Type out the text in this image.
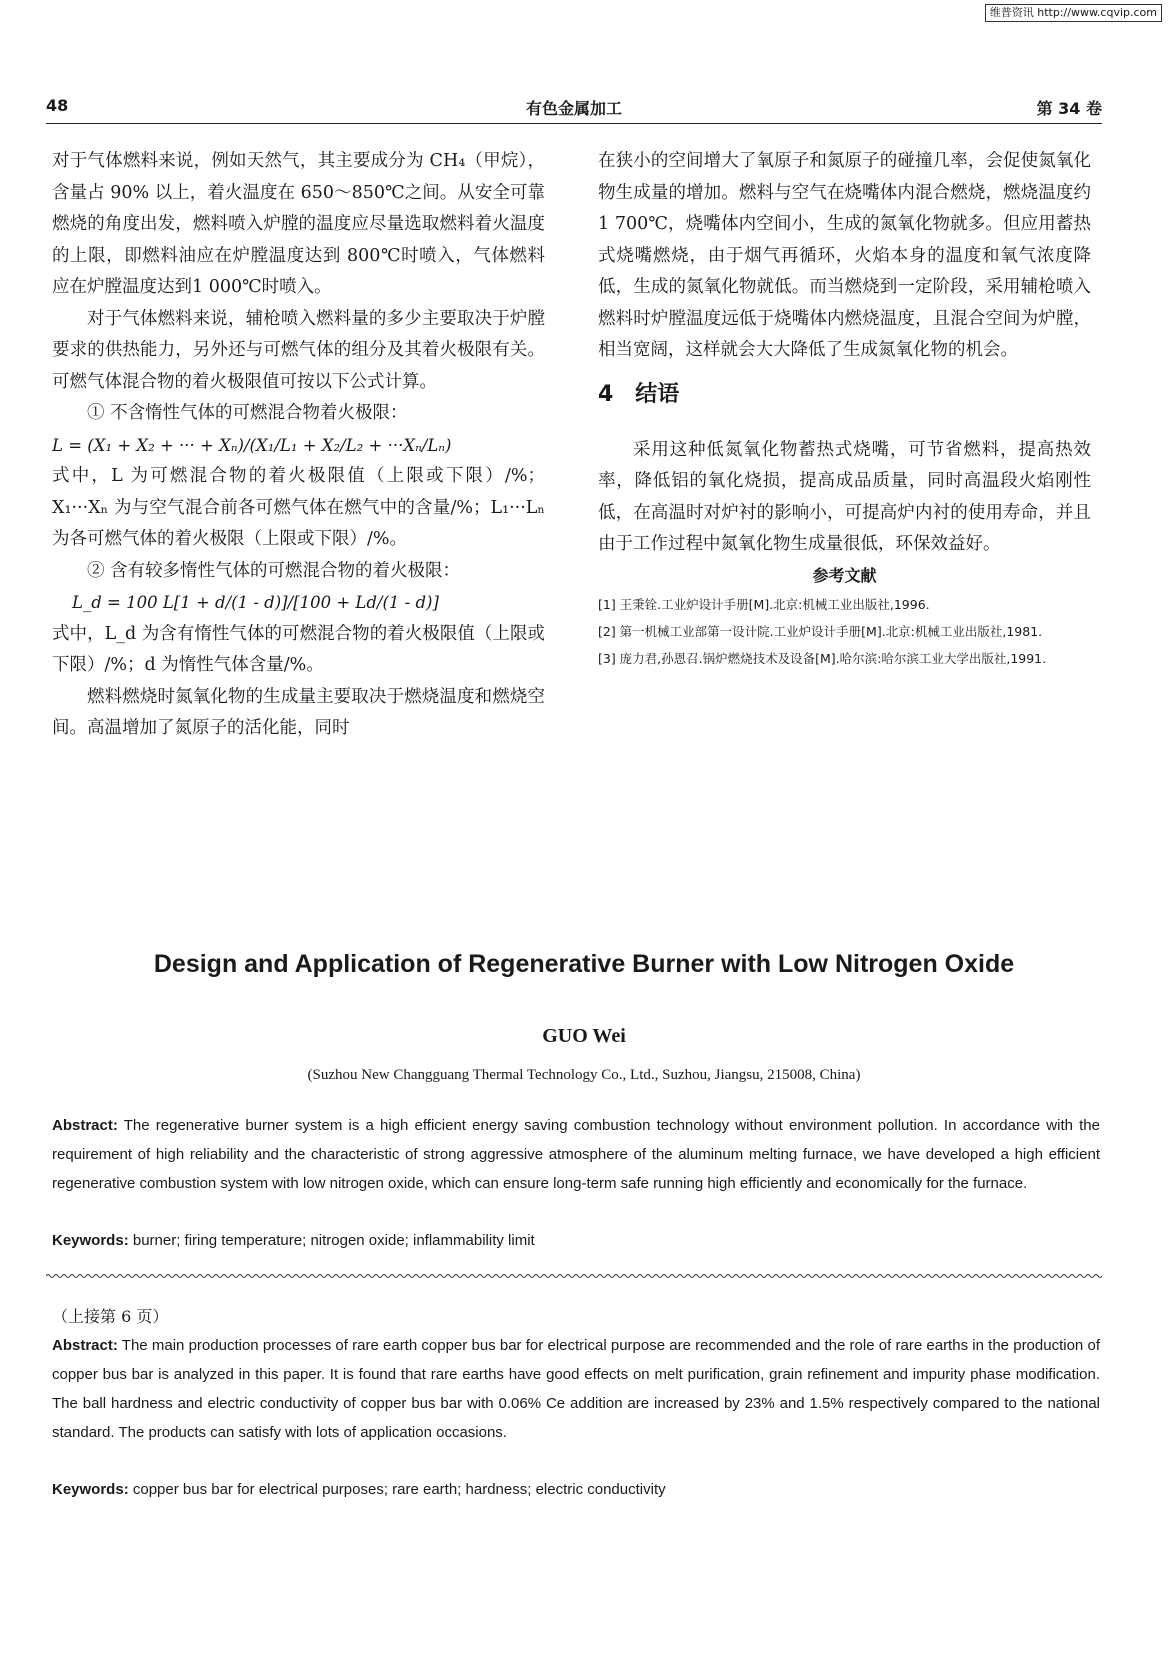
维普资讯 http://www.cqvip.com
48	有色金属加工	第 34 卷

对于气体燃料来说，例如天然气，其主要成分为 CH₄（甲烷），含量占 90% 以上，着火温度在 650～850℃之间。从安全可靠燃烧的角度出发，燃料喷入炉膛的温度应尽量选取燃料着火温度的上限，即燃料油应在炉膛温度达到 800℃时喷入，气体燃料应在炉膛温度达到1 000℃时喷入。

对于气体燃料来说，辅枪喷入燃料量的多少主要取决于炉膛要求的供热能力，另外还与可燃气体的组分及其着火极限有关。可燃气体混合物的着火极限值可按以下公式计算。

① 不含惰性气体的可燃混合物着火极限：

L = (X₁ + X₂ + ··· + Xₙ)/(X₁/L₁ + X₂/L₂ + ···Xₙ/Lₙ)

式中，L 为可燃混合物的着火极限值（上限或下限）/%；X₁···Xₙ 为与空气混合前各可燃气体在燃气中的含量/%；L₁···Lₙ 为各可燃气体的着火极限（上限或下限）/%。

② 含有较多惰性气体的可燃混合物的着火极限：

L_d = 100 L[1 + d/(1 - d)]/[100 + Ld/(1 - d)]

式中，L_d 为含有惰性气体的可燃混合物的着火极限值（上限或下限）/%；d 为惰性气体含量/%。

燃料燃烧时氮氧化物的生成量主要取决于燃烧温度和燃烧空间。高温增加了氮原子的活化能，同时

在狭小的空间增大了氧原子和氮原子的碰撞几率，会促使氮氧化物生成量的增加。燃料与空气在烧嘴体内混合燃烧，燃烧温度约 1 700℃，烧嘴体内空间小，生成的氮氧化物就多。但应用蓄热式烧嘴燃烧，由于烟气再循环，火焰本身的温度和氧气浓度降低，生成的氮氧化物就低。而当燃烧到一定阶段，采用辅枪喷入燃料时炉膛温度远低于烧嘴体内燃烧温度，且混合空间为炉膛，相当宽阔，这样就会大大降低了生成氮氧化物的机会。

4　结语

采用这种低氮氧化物蓄热式烧嘴，可节省燃料，提高热效率，降低铝的氧化烧损，提高成品质量，同时高温段火焰刚性低，在高温时对炉衬的影响小，可提高炉内衬的使用寿命，并且由于工作过程中氮氧化物生成量很低，环保效益好。

参考文献

[1] 王秉铨.工业炉设计手册[M].北京:机械工业出版社,1996.

[2] 第一机械工业部第一设计院.工业炉设计手册[M].北京:机械工业出版社,1981.

[3] 庞力君,孙恩召.锅炉燃烧技术及设备[M].哈尔滨:哈尔滨工业大学出版社,1991.

Design and Application of Regenerative Burner with Low Nitrogen Oxide
GUO Wei
(Suzhou New Changguang Thermal Technology Co., Ltd., Suzhou, Jiangsu, 215008, China)
Abstract: The regenerative burner system is a high efficient energy saving combustion technology without environment pollution. In accordance with the requirement of high reliability and the characteristic of strong aggressive atmosphere of the aluminum melting furnace, we have developed a high efficient regenerative combustion system with low nitrogen oxide, which can ensure long-term safe running high efficiently and economically for the furnace.
Keywords: burner; firing temperature; nitrogen oxide; inflammability limit
（上接第 6 页）
Abstract: The main production processes of rare earth copper bus bar for electrical purpose are recommended and the role of rare earths in the production of copper bus bar is analyzed in this paper. It is found that rare earths have good effects on melt purification, grain refinement and impurity phase modification. The ball hardness and electric conductivity of copper bus bar with 0.06% Ce addition are increased by 23% and 1.5% respectively compared to the national standard. The products can satisfy with lots of application occasions.
Keywords: copper bus bar for electrical purposes; rare earth; hardness; electric conductivity
